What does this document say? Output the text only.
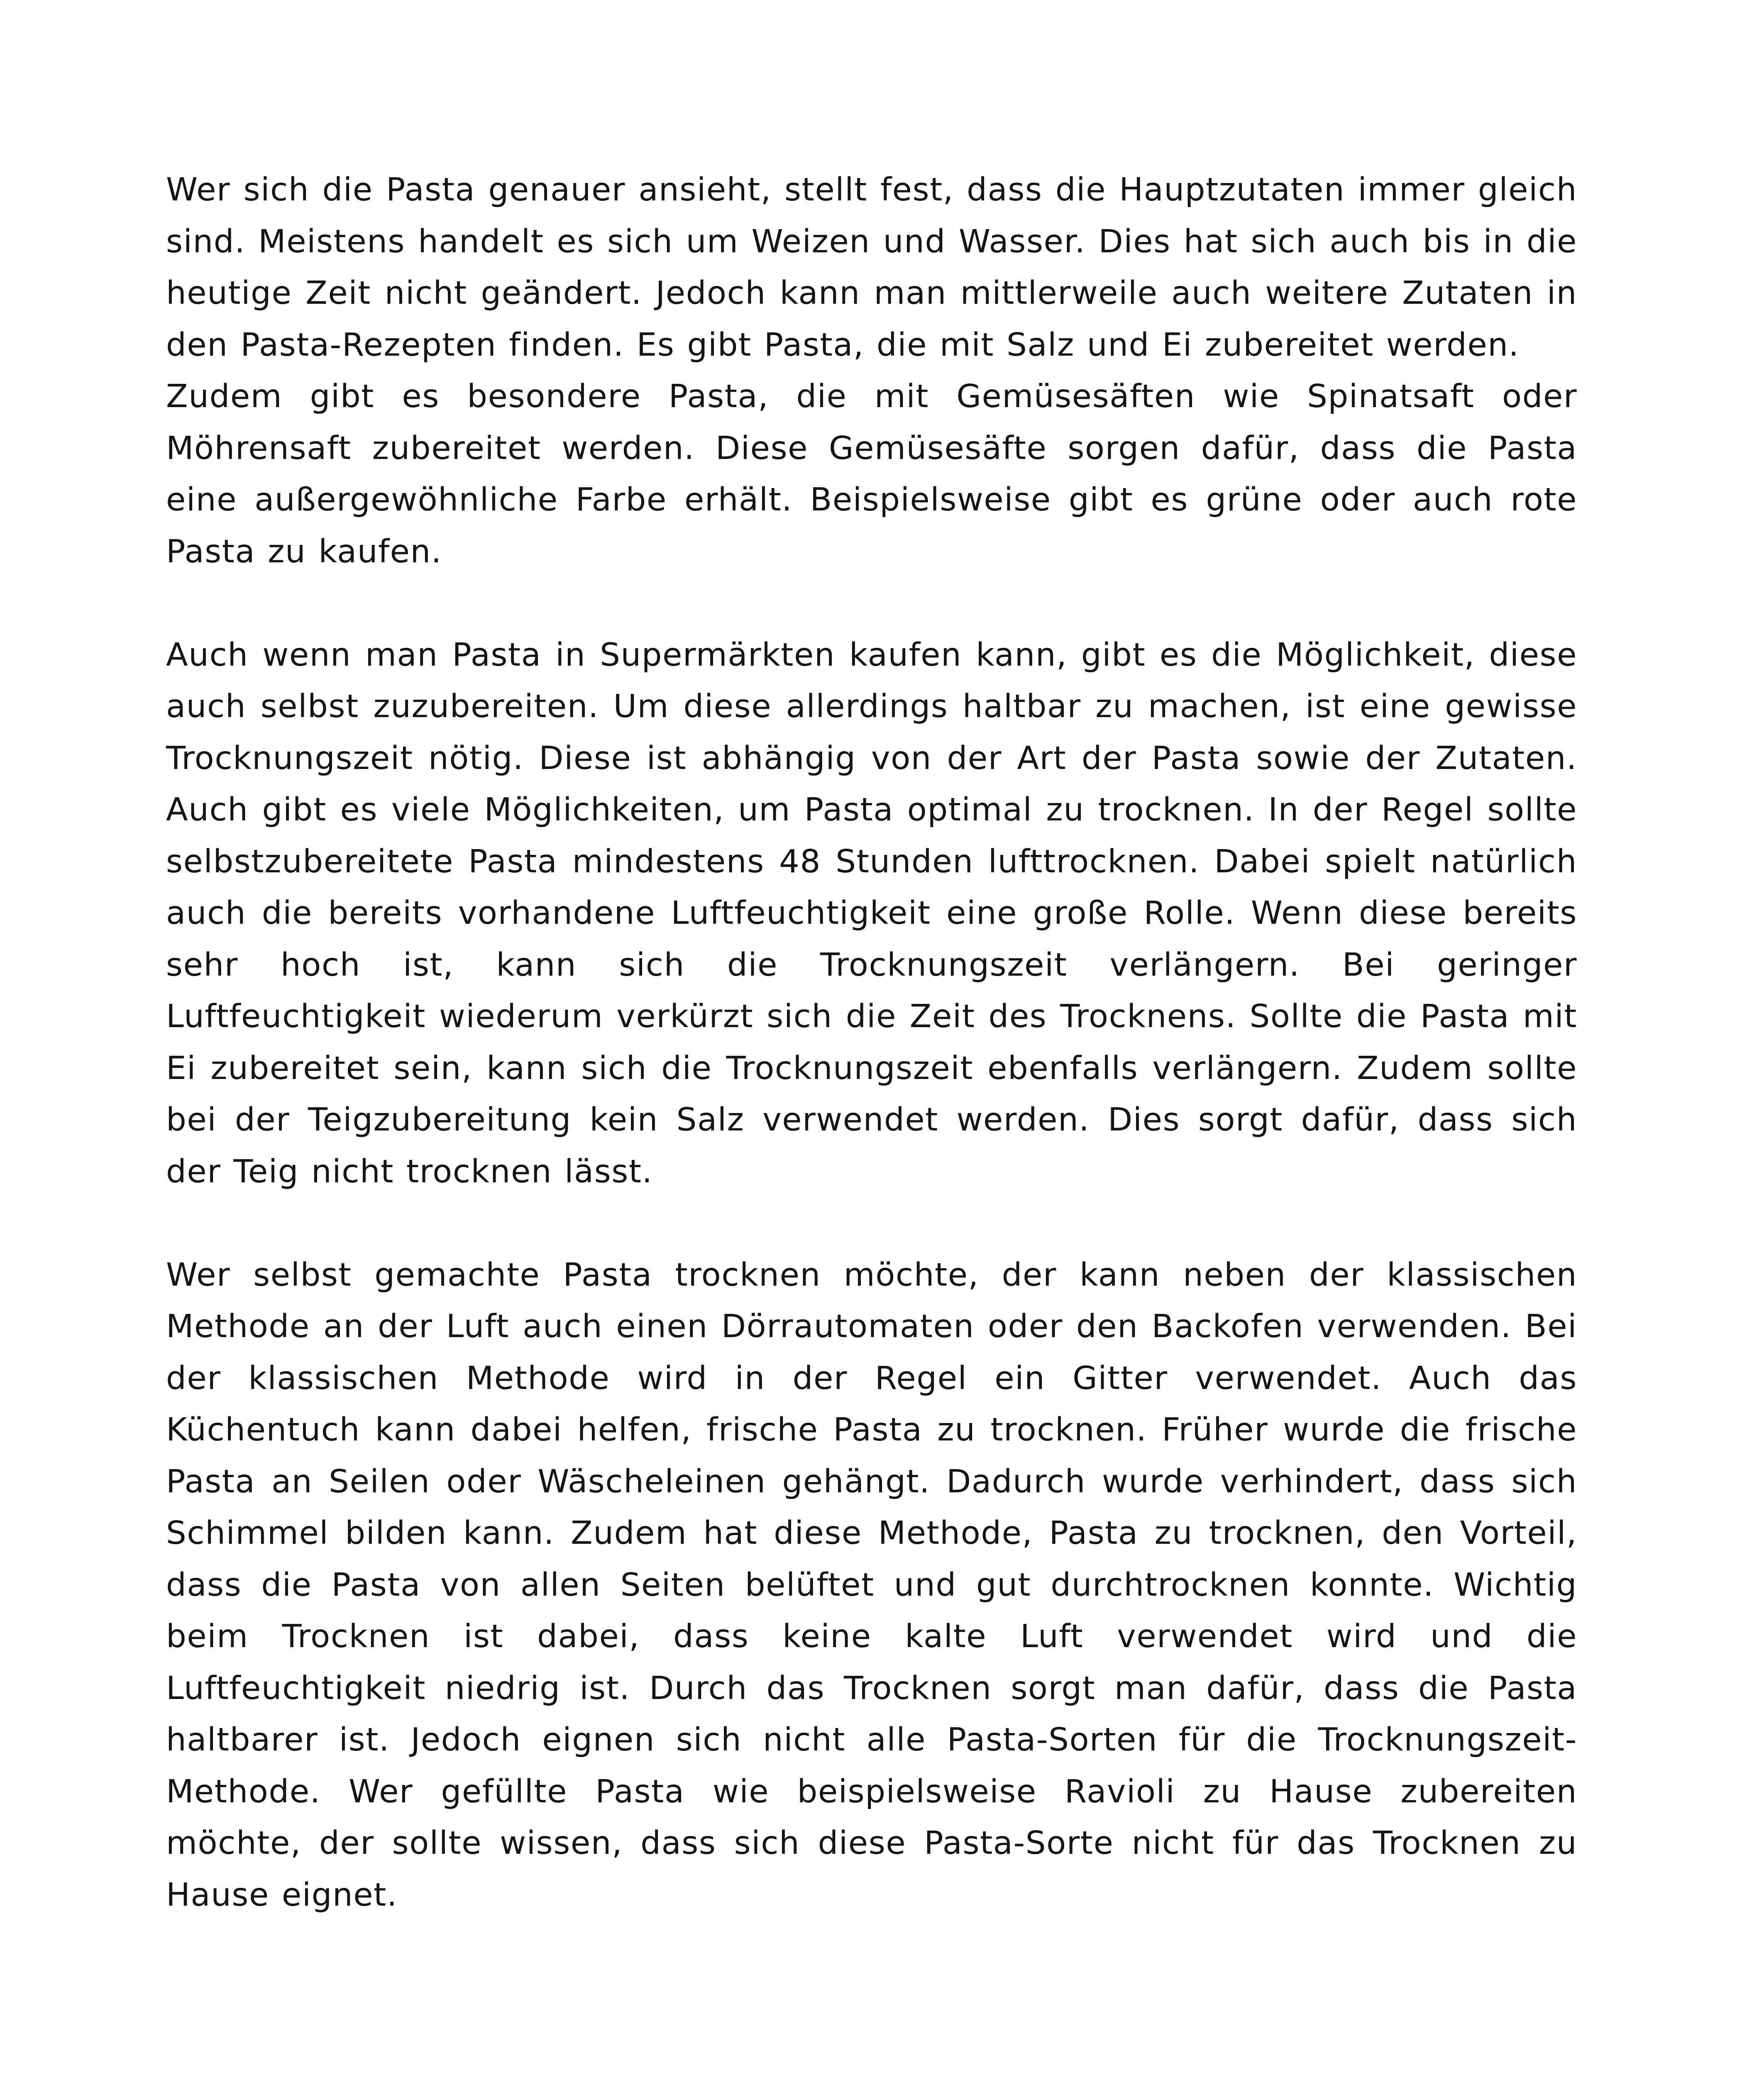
Wer sich die Pasta genauer ansieht, stellt fest, dass die Hauptzutaten immer gleich sind. Meistens handelt es sich um Weizen und Wasser. Dies hat sich auch bis in die heutige Zeit nicht geändert. Jedoch kann man mittlerweile auch weitere Zutaten in den Pasta-Rezepten finden. Es gibt Pasta, die mit Salz und Ei zubereitet werden.

Zudem gibt es besondere Pasta, die mit Gemüsesäften wie Spinatsaft oder Möhrensaft zubereitet werden. Diese Gemüsesäfte sorgen dafür, dass die Pasta eine außergewöhnliche Farbe erhält. Beispielsweise gibt es grüne oder auch rote Pasta zu kaufen.

Auch wenn man Pasta in Supermärkten kaufen kann, gibt es die Möglichkeit, diese auch selbst zuzubereiten. Um diese allerdings haltbar zu machen, ist eine gewisse Trocknungszeit nötig. Diese ist abhängig von der Art der Pasta sowie der Zutaten. Auch gibt es viele Möglichkeiten, um Pasta optimal zu trocknen. In der Regel sollte selbstzubereitete Pasta mindestens 48 Stunden lufttrocknen. Dabei spielt natürlich auch die bereits vorhandene Luftfeuchtigkeit eine große Rolle. Wenn diese bereits sehr hoch ist, kann sich die Trocknungszeit verlängern. Bei geringer Luftfeuchtigkeit wiederum verkürzt sich die Zeit des Trocknens. Sollte die Pasta mit Ei zubereitet sein, kann sich die Trocknungszeit ebenfalls verlängern. Zudem sollte bei der Teigzubereitung kein Salz verwendet werden. Dies sorgt dafür, dass sich der Teig nicht trocknen lässt.

Wer selbst gemachte Pasta trocknen möchte, der kann neben der klassischen Methode an der Luft auch einen Dörrautomaten oder den Backofen verwenden. Bei der klassischen Methode wird in der Regel ein Gitter verwendet. Auch das Küchentuch kann dabei helfen, frische Pasta zu trocknen. Früher wurde die frische Pasta an Seilen oder Wäscheleinen gehängt. Dadurch wurde verhindert, dass sich Schimmel bilden kann. Zudem hat diese Methode, Pasta zu trocknen, den Vorteil, dass die Pasta von allen Seiten belüftet und gut durchtrocknen konnte. Wichtig beim Trocknen ist dabei, dass keine kalte Luft verwendet wird und die Luftfeuchtigkeit niedrig ist. Durch das Trocknen sorgt man dafür, dass die Pasta haltbarer ist. Jedoch eignen sich nicht alle Pasta-Sorten für die Trocknungszeit-Methode. Wer gefüllte Pasta wie beispielsweise Ravioli zu Hause zubereiten möchte, der sollte wissen, dass sich diese Pasta-Sorte nicht für das Trocknen zu Hause eignet.
